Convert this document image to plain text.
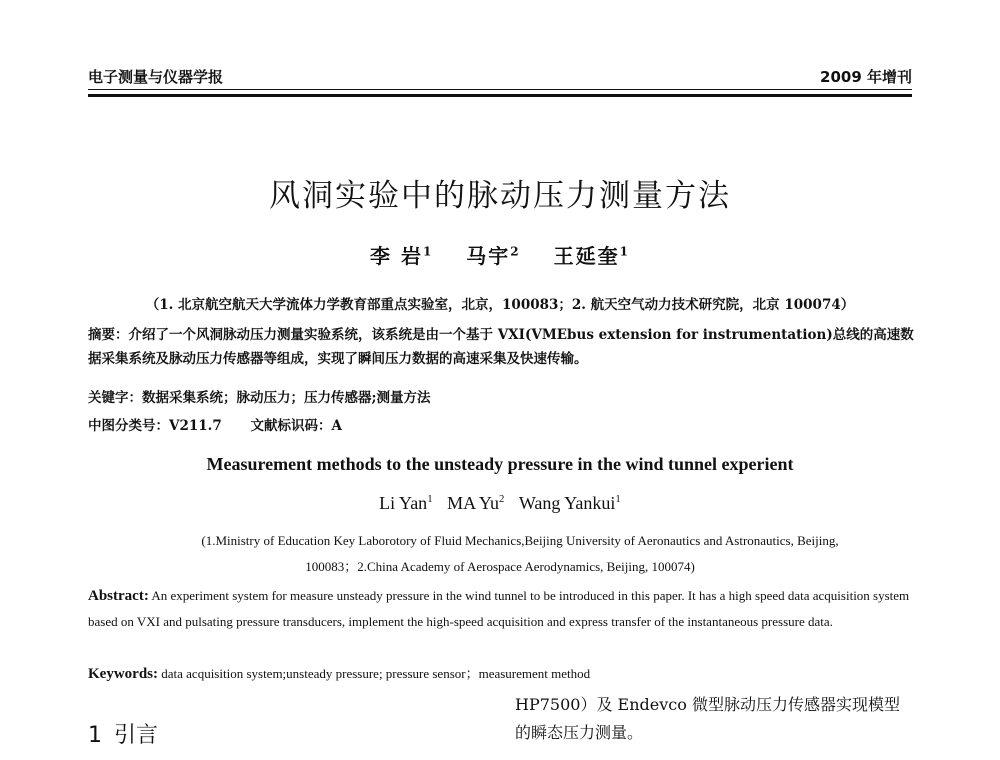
电子测量与仪器学报	2009 年增刊
风洞实验中的脉动压力测量方法
李 岩$^1$ 马宇$^2$ 王延奎$^1$
（1. 北京航空航天大学流体力学教育部重点实验室，北京，100083；2. 航天空气动力技术研究院，北京 100074）
摘要：介绍了一个风洞脉动压力测量实验系统，该系统是由一个基于 VXI(VMEbus extension for instrumentation)总线的高速数据采集系统及脉动压力传感器等组成，实现了瞬间压力数据的高速采集及快速传输。
关键字：数据采集系统；脉动压力；压力传感器;测量方法
中图分类号：V211.7 文献标识码：A
Measurement methods to the unsteady pressure in the wind tunnel experient
Li Yan$^1$ MA Yu$^2$ Wang Yankui$^1$
(1.Ministry of Education Key Laborotory of Fluid Mechanics,Beijing University of Aeronautics and Astronautics, Beijing,
100083；2.China Academy of Aerospace Aerodynamics, Beijing, 100074)
Abstract: An experiment system for measure unsteady pressure in the wind tunnel to be introduced in this paper. It has a high speed data acquisition system based on VXI and pulsating pressure transducers, implement the high-speed acquisition and express transfer of the instantaneous pressure data.
Keywords: data acquisition system;unsteady pressure; pressure sensor；measurement method
HP7500）及 Endevco 微型脉动压力传感器实现模型的瞬态压力测量。
1 引言
